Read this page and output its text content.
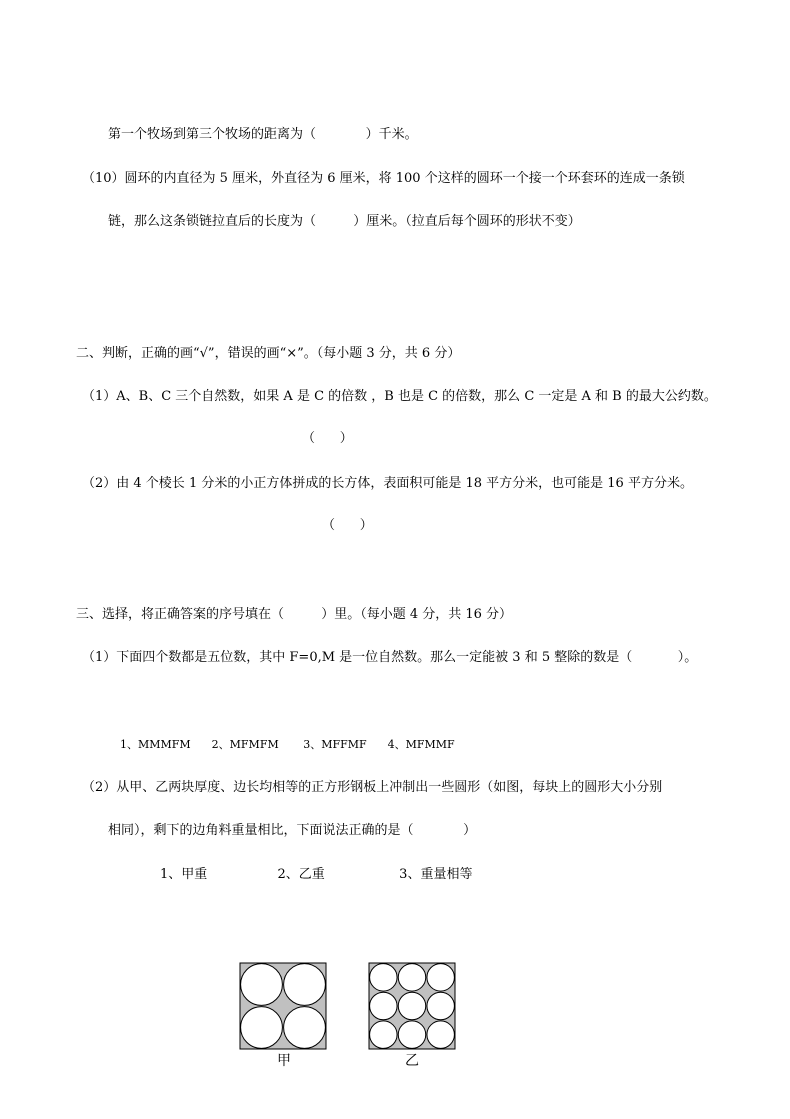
第一个牧场到第三个牧场的距离为（            ）千米。
（10）圆环的内直径为 5 厘米，外直径为 6 厘米，将 100 个这样的圆环一个接一个环套环的连成一条锁
链，那么这条锁链拉直后的长度为（         ）厘米。（拉直后每个圆环的形状不变）
二、判断，正确的画“√”，错误的画“×”。（每小题 3 分，共 6 分）
（1）A、B、C 三个自然数，如果 A 是 C 的倍数 ，B 也是 C 的倍数，那么 C 一定是 A 和 B 的最大公约数。
（      ）
（2）由 4 个棱长 1 分米的小正方体拼成的长方体，表面积可能是 18 平方分米，也可能是 16 平方分米。
（      ）
三、选择，将正确答案的序号填在（         ）里。（每小题 4 分，共 16 分）
（1）下面四个数都是五位数，其中 F=0,M 是一位自然数。那么一定能被 3 和 5 整除的数是（           ）。
1、MMMFM      2、MFMFM       3、MFFMF      4、MFMMF
（2）从甲、乙两块厚度、边长均相等的正方形钢板上冲制出一些圆形（如图，每块上的圆形大小分别
相同），剩下的边角料重量相比，下面说法正确的是（            ）
1、甲重                 2、乙重                  3、重量相等
甲	乙
